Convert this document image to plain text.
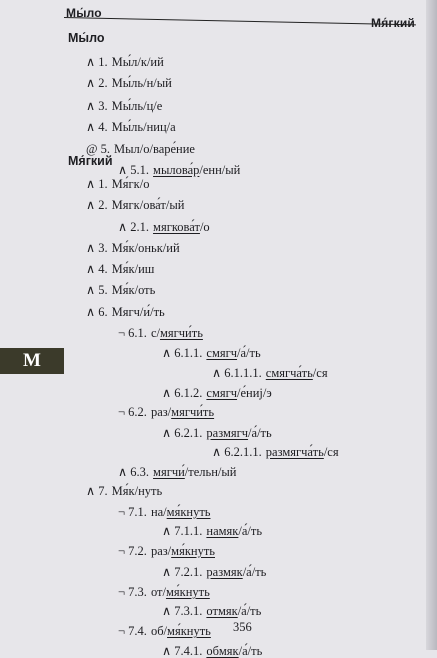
Мы́ло
Мя́гкий
Мы́ло
∧ 1. Мы́л/к/ий
∧ 2. Мы́ль/н/ый
∧ 3. Мы́ль/ц/е
∧ 4. Мы́ль/ниц/а
@ 5. Мыл/о/варе́ние
∧ 5.1. мылова́р/енн/ый
Мя́гкий
∧ 1. Мя́гк/о
∧ 2. Мягк/ова́т/ый
∧ 2.1. мягкова́т/о
∧ 3. Мя́к/оньк/ий
∧ 4. Мя́к/иш
∧ 5. Мя́к/оть
∧ 6. Мягч/и́/ть
¬ 6.1. с/мягчи́ть
∧ 6.1.1. смягч/а́/ть
∧ 6.1.1.1. смягча́ть/ся
∧ 6.1.2. смягч/е́ниj/э
¬ 6.2. раз/мягчи́ть
∧ 6.2.1. размягч/а́/ть
∧ 6.2.1.1. размягча́ть/ся
∧ 6.3. мягчи́/тельн/ый
∧ 7. Мя́к/нуть
¬ 7.1. на/мя́кнуть
∧ 7.1.1. намяк/а́/ть
¬ 7.2. раз/мя́кнуть
∧ 7.2.1. размяк/а́/ть
¬ 7.3. от/мя́кнуть
∧ 7.3.1. отмяк/а́/ть
¬ 7.4. об/мя́кнуть
∧ 7.4.1. обмяк/а́/ть
М
356
